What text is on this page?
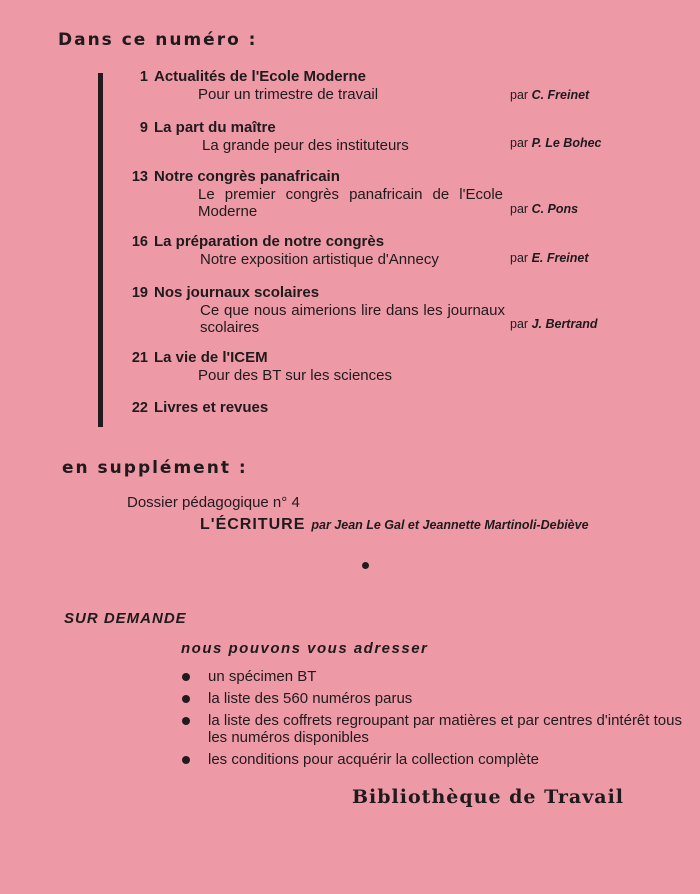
Dans ce numéro :
1 Actualités de l'Ecole Moderne
Pour un trimestre de travail	par C. Freinet
9 La part du maître
La grande peur des instituteurs	par P. Le Bohec
13 Notre congrès panafricain
Le premier congrès panafricain de l'Ecole Moderne	par C. Pons
16 La préparation de notre congrès
Notre exposition artistique d'Annecy	par E. Freinet
19 Nos journaux scolaires
Ce que nous aimerions lire dans les journaux scolaires	par J. Bertrand
21 La vie de l'ICEM
Pour des BT sur les sciences
22 Livres et revues
en supplément :
Dossier pédagogique n° 4
L'ÉCRITURE par Jean Le Gal et Jeannette Martinoli-Debiève
SUR DEMANDE
nous pouvons vous adresser
un spécimen BT
la liste des 560 numéros parus
la liste des coffrets regroupant par matières et par centres d'intérêt tous les numéros disponibles
les conditions pour acquérir la collection complète
Bibliothèque de Travail
